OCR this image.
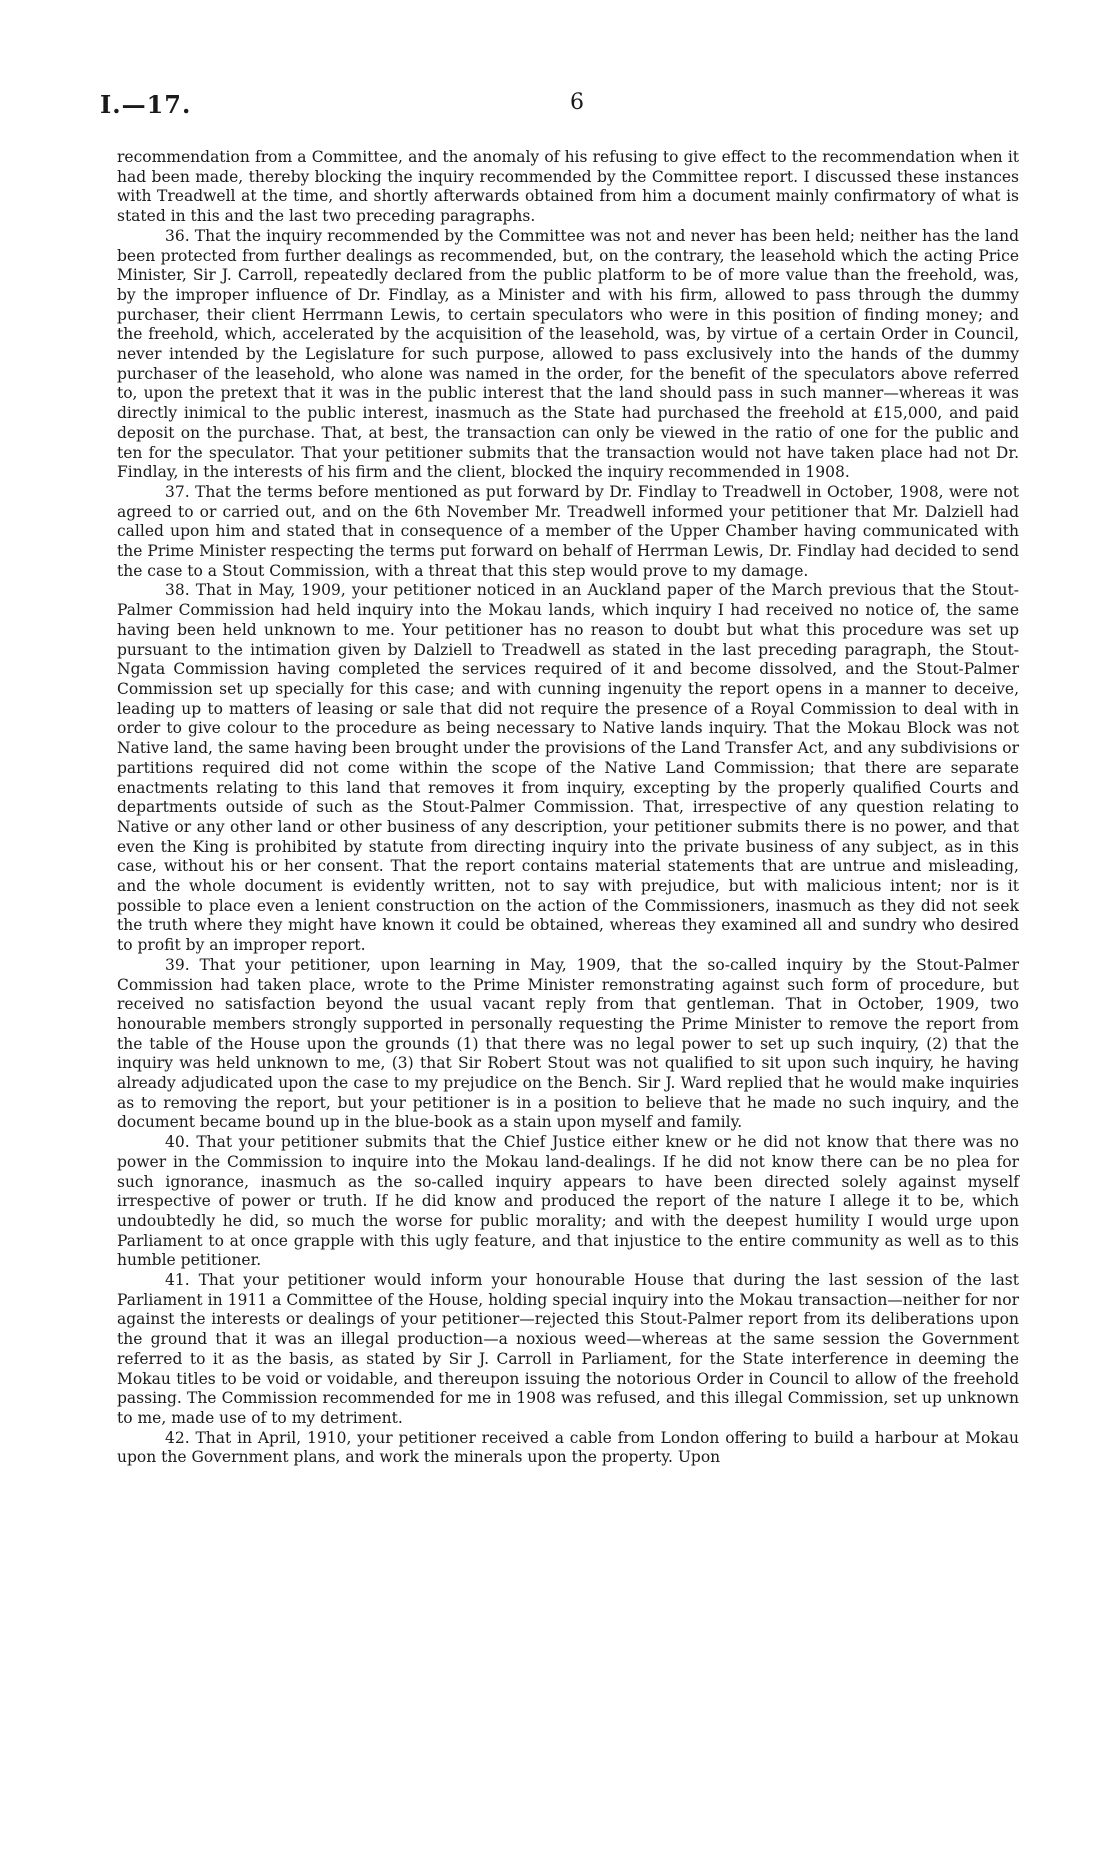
I.—17.	6

recommendation from a Committee, and the anomaly of his refusing to give effect to the recommendation when it had been made, thereby blocking the inquiry recommended by the Committee report. I discussed these instances with Treadwell at the time, and shortly afterwards obtained from him a document mainly confirmatory of what is stated in this and the last two preceding paragraphs.

36. That the inquiry recommended by the Committee was not and never has been held; neither has the land been protected from further dealings as recommended, but, on the contrary, the leasehold which the acting Price Minister, Sir J. Carroll, repeatedly declared from the public platform to be of more value than the freehold, was, by the improper influence of Dr. Findlay, as a Minister and with his firm, allowed to pass through the dummy purchaser, their client Herrmann Lewis, to certain speculators who were in this position of finding money; and the freehold, which, accelerated by the acquisition of the leasehold, was, by virtue of a certain Order in Council, never intended by the Legislature for such purpose, allowed to pass exclusively into the hands of the dummy purchaser of the leasehold, who alone was named in the order, for the benefit of the speculators above referred to, upon the pretext that it was in the public interest that the land should pass in such manner—whereas it was directly inimical to the public interest, inasmuch as the State had purchased the freehold at £15,000, and paid deposit on the purchase. That, at best, the transaction can only be viewed in the ratio of one for the public and ten for the speculator. That your petitioner submits that the transaction would not have taken place had not Dr. Findlay, in the interests of his firm and the client, blocked the inquiry recommended in 1908.

37. That the terms before mentioned as put forward by Dr. Findlay to Treadwell in October, 1908, were not agreed to or carried out, and on the 6th November Mr. Treadwell informed your petitioner that Mr. Dalziell had called upon him and stated that in consequence of a member of the Upper Chamber having communicated with the Prime Minister respecting the terms put forward on behalf of Herrman Lewis, Dr. Findlay had decided to send the case to a Stout Commission, with a threat that this step would prove to my damage.

38. That in May, 1909, your petitioner noticed in an Auckland paper of the March previous that the Stout-Palmer Commission had held inquiry into the Mokau lands, which inquiry I had received no notice of, the same having been held unknown to me. Your petitioner has no reason to doubt but what this procedure was set up pursuant to the intimation given by Dalziell to Treadwell as stated in the last preceding paragraph, the Stout-Ngata Commission having completed the services required of it and become dissolved, and the Stout-Palmer Commission set up specially for this case; and with cunning ingenuity the report opens in a manner to deceive, leading up to matters of leasing or sale that did not require the presence of a Royal Commission to deal with in order to give colour to the procedure as being necessary to Native lands inquiry. That the Mokau Block was not Native land, the same having been brought under the provisions of the Land Transfer Act, and any subdivisions or partitions required did not come within the scope of the Native Land Commission; that there are separate enactments relating to this land that removes it from inquiry, excepting by the properly qualified Courts and departments outside of such as the Stout-Palmer Commission. That, irrespective of any question relating to Native or any other land or other business of any description, your petitioner submits there is no power, and that even the King is prohibited by statute from directing inquiry into the private business of any subject, as in this case, without his or her consent. That the report contains material statements that are untrue and misleading, and the whole document is evidently written, not to say with prejudice, but with malicious intent; nor is it possible to place even a lenient construction on the action of the Commissioners, inasmuch as they did not seek the truth where they might have known it could be obtained, whereas they examined all and sundry who desired to profit by an improper report.

39. That your petitioner, upon learning in May, 1909, that the so-called inquiry by the Stout-Palmer Commission had taken place, wrote to the Prime Minister remonstrating against such form of procedure, but received no satisfaction beyond the usual vacant reply from that gentleman. That in October, 1909, two honourable members strongly supported in personally requesting the Prime Minister to remove the report from the table of the House upon the grounds (1) that there was no legal power to set up such inquiry, (2) that the inquiry was held unknown to me, (3) that Sir Robert Stout was not qualified to sit upon such inquiry, he having already adjudicated upon the case to my prejudice on the Bench. Sir J. Ward replied that he would make inquiries as to removing the report, but your petitioner is in a position to believe that he made no such inquiry, and the document became bound up in the blue-book as a stain upon myself and family.

40. That your petitioner submits that the Chief Justice either knew or he did not know that there was no power in the Commission to inquire into the Mokau land-dealings. If he did not know there can be no plea for such ignorance, inasmuch as the so-called inquiry appears to have been directed solely against myself irrespective of power or truth. If he did know and produced the report of the nature I allege it to be, which undoubtedly he did, so much the worse for public morality; and with the deepest humility I would urge upon Parliament to at once grapple with this ugly feature, and that injustice to the entire community as well as to this humble petitioner.

41. That your petitioner would inform your honourable House that during the last session of the last Parliament in 1911 a Committee of the House, holding special inquiry into the Mokau transaction—neither for nor against the interests or dealings of your petitioner—rejected this Stout-Palmer report from its deliberations upon the ground that it was an illegal production—a noxious weed—whereas at the same session the Government referred to it as the basis, as stated by Sir J. Carroll in Parliament, for the State interference in deeming the Mokau titles to be void or voidable, and thereupon issuing the notorious Order in Council to allow of the freehold passing. The Commission recommended for me in 1908 was refused, and this illegal Commission, set up unknown to me, made use of to my detriment.

42. That in April, 1910, your petitioner received a cable from London offering to build a harbour at Mokau upon the Government plans, and work the minerals upon the property. Upon
